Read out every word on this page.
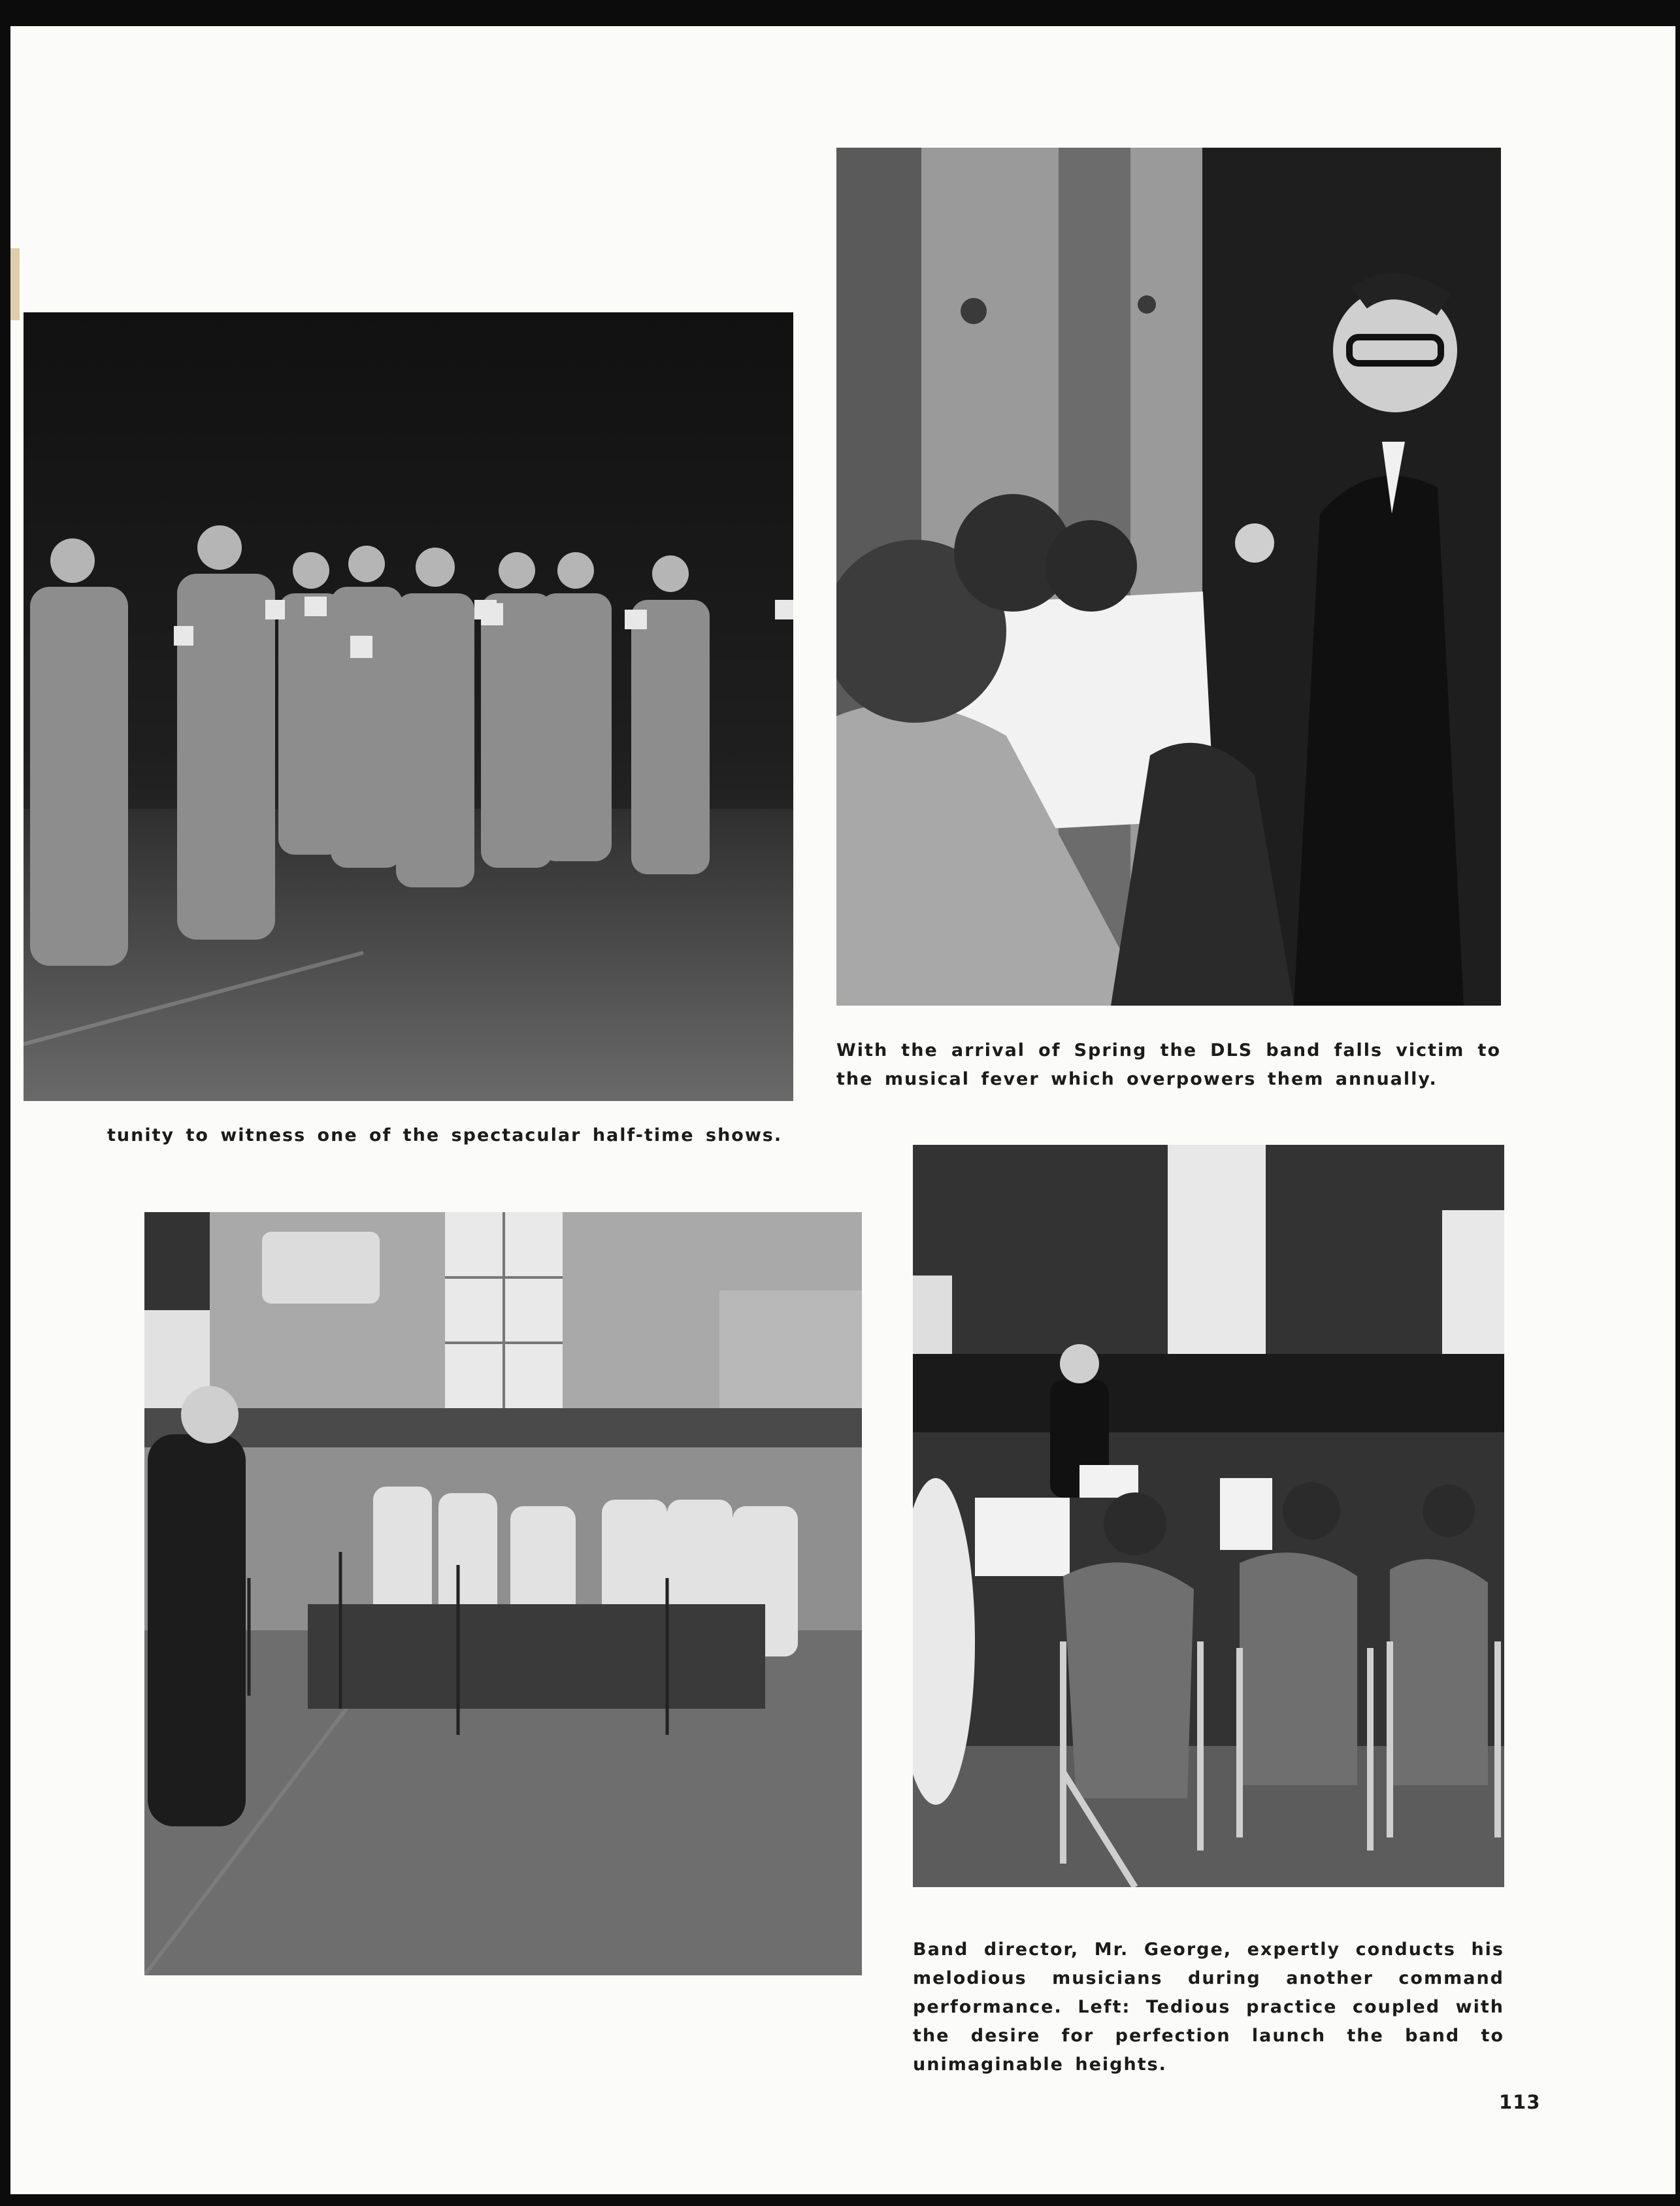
With the arrival of Spring the DLS band falls victim to the musical fever which overpowers them annually.
tunity to witness one of the spectacular half-time shows.
Band director, Mr. George, expertly conducts his melodious musicians during another command performance. Left: Tedious practice coupled with the desire for perfection launch the band to unimaginable heights.
113
